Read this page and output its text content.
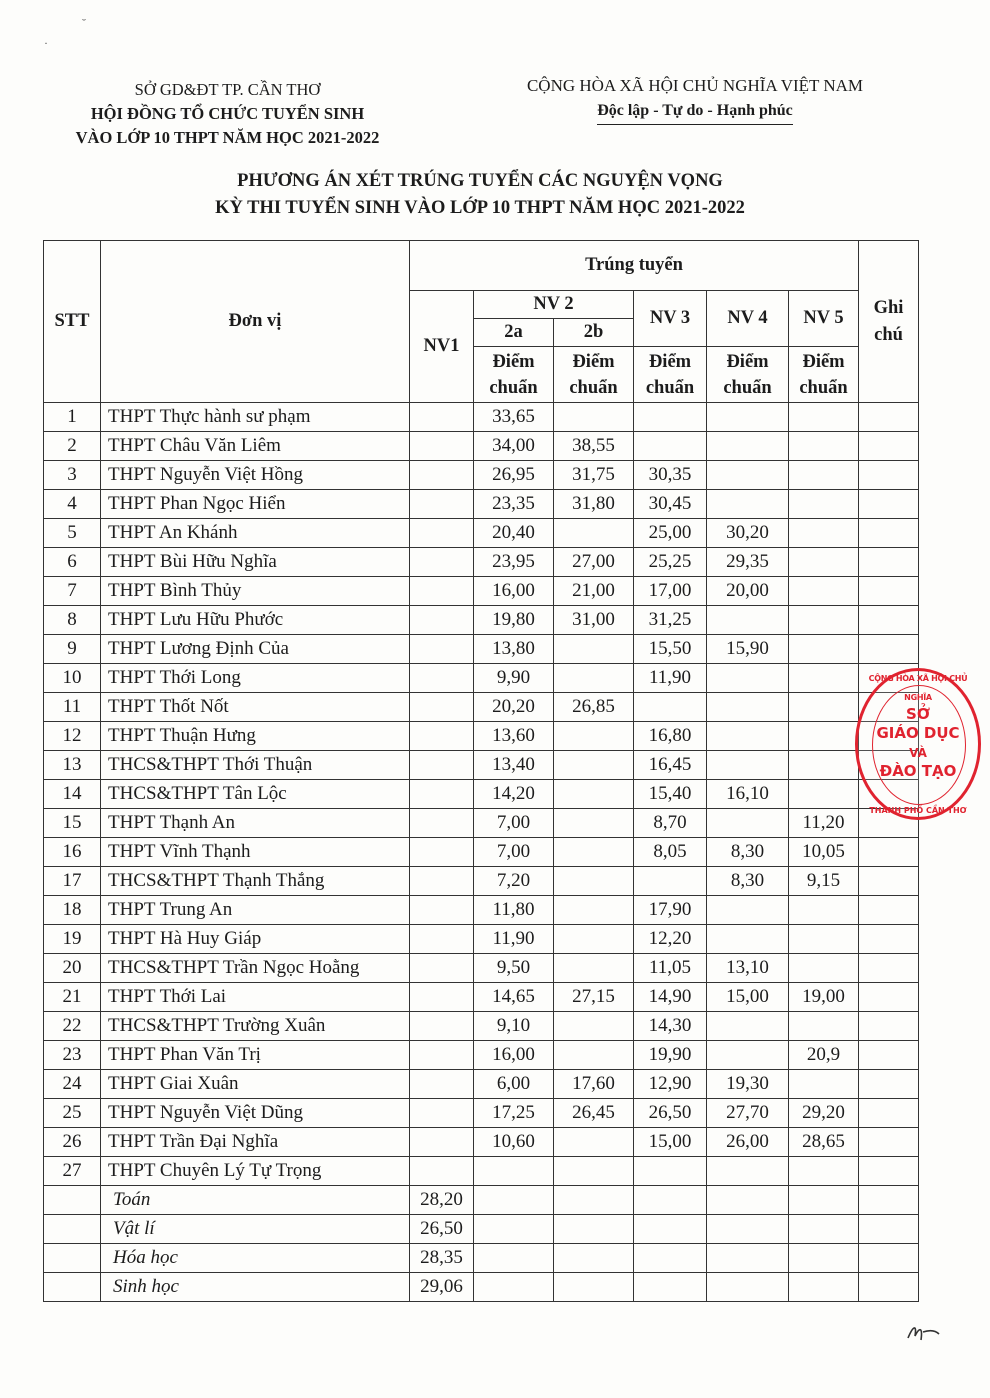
˘
·
SỞ GD&ĐT TP. CẦN THƠ
HỘI ĐỒNG TỔ CHỨC TUYỂN SINH
VÀO LỚP 10 THPT NĂM HỌC 2021-2022
CỘNG HÒA XÃ HỘI CHỦ NGHĨA VIỆT NAM
Độc lập - Tự do - Hạnh phúc
PHƯƠNG ÁN XÉT TRÚNG TUYỂN CÁC NGUYỆN VỌNG
KỲ THI TUYỂN SINH VÀO LỚP 10 THPT NĂM HỌC 2021-2022
STT	Đơn vị	Trúng tuyển						Ghi chú

		NV1	NV 2		NV 3	NV 4	NV 5	
			2a	2b				

			Điểm chuẩn	Điểm chuẩn	Điểm chuẩn	Điểm chuẩn	Điểm chuẩn	

1	THPT Thực hành sư phạm		33,65					
2	THPT Châu Văn Liêm		34,00	38,55				
3	THPT Nguyễn Việt Hồng		26,95	31,75	30,35			
4	THPT Phan Ngọc Hiển		23,35	31,80	30,45			
5	THPT An Khánh		20,40		25,00	30,20		
6	THPT Bùi Hữu Nghĩa		23,95	27,00	25,25	29,35		
7	THPT Bình Thủy		16,00	21,00	17,00	20,00		
8	THPT Lưu Hữu Phước		19,80	31,00	31,25			
9	THPT Lương Định Của		13,80		15,50	15,90		
10	THPT Thới Long		9,90		11,90			
11	THPT Thốt Nốt		20,20	26,85				
12	THPT Thuận Hưng		13,60		16,80			
13	THCS&THPT Thới Thuận		13,40		16,45			
14	THCS&THPT Tân Lộc		14,20		15,40	16,10		
15	THPT Thạnh An		7,00		8,70		11,20	
16	THPT Vĩnh Thạnh		7,00		8,05	8,30	10,05	
17	THCS&THPT Thạnh Thắng		7,20			8,30	9,15	
18	THPT Trung An		11,80		17,90			
19	THPT Hà Huy Giáp		11,90		12,20			
20	THCS&THPT Trần Ngọc Hoằng		9,50		11,05	13,10		
21	THPT Thới Lai		14,65	27,15	14,90	15,00	19,00	
22	THCS&THPT Trường Xuân		9,10		14,30			
23	THPT Phan Văn Trị		16,00		19,90		20,9	
24	THPT Giai Xuân		6,00	17,60	12,90	19,30		
25	THPT Nguyễn Việt Dũng		17,25	26,45	26,50	27,70	29,20	
26	THPT Trần Đại Nghĩa		10,60		15,00	26,00	28,65	
27	THPT Chuyên Lý Tự Trọng							
	Toán	28,20						
	Vật lí	26,50						
	Hóa học	28,35						
	Sinh học	29,06						
CỘNG HÒA XÃ HỘI CHỦ NGHĨA
SỞ
GIÁO DỤC
VÀ
ĐÀO TẠO
THÀNH PHỐ CẦN THƠ
